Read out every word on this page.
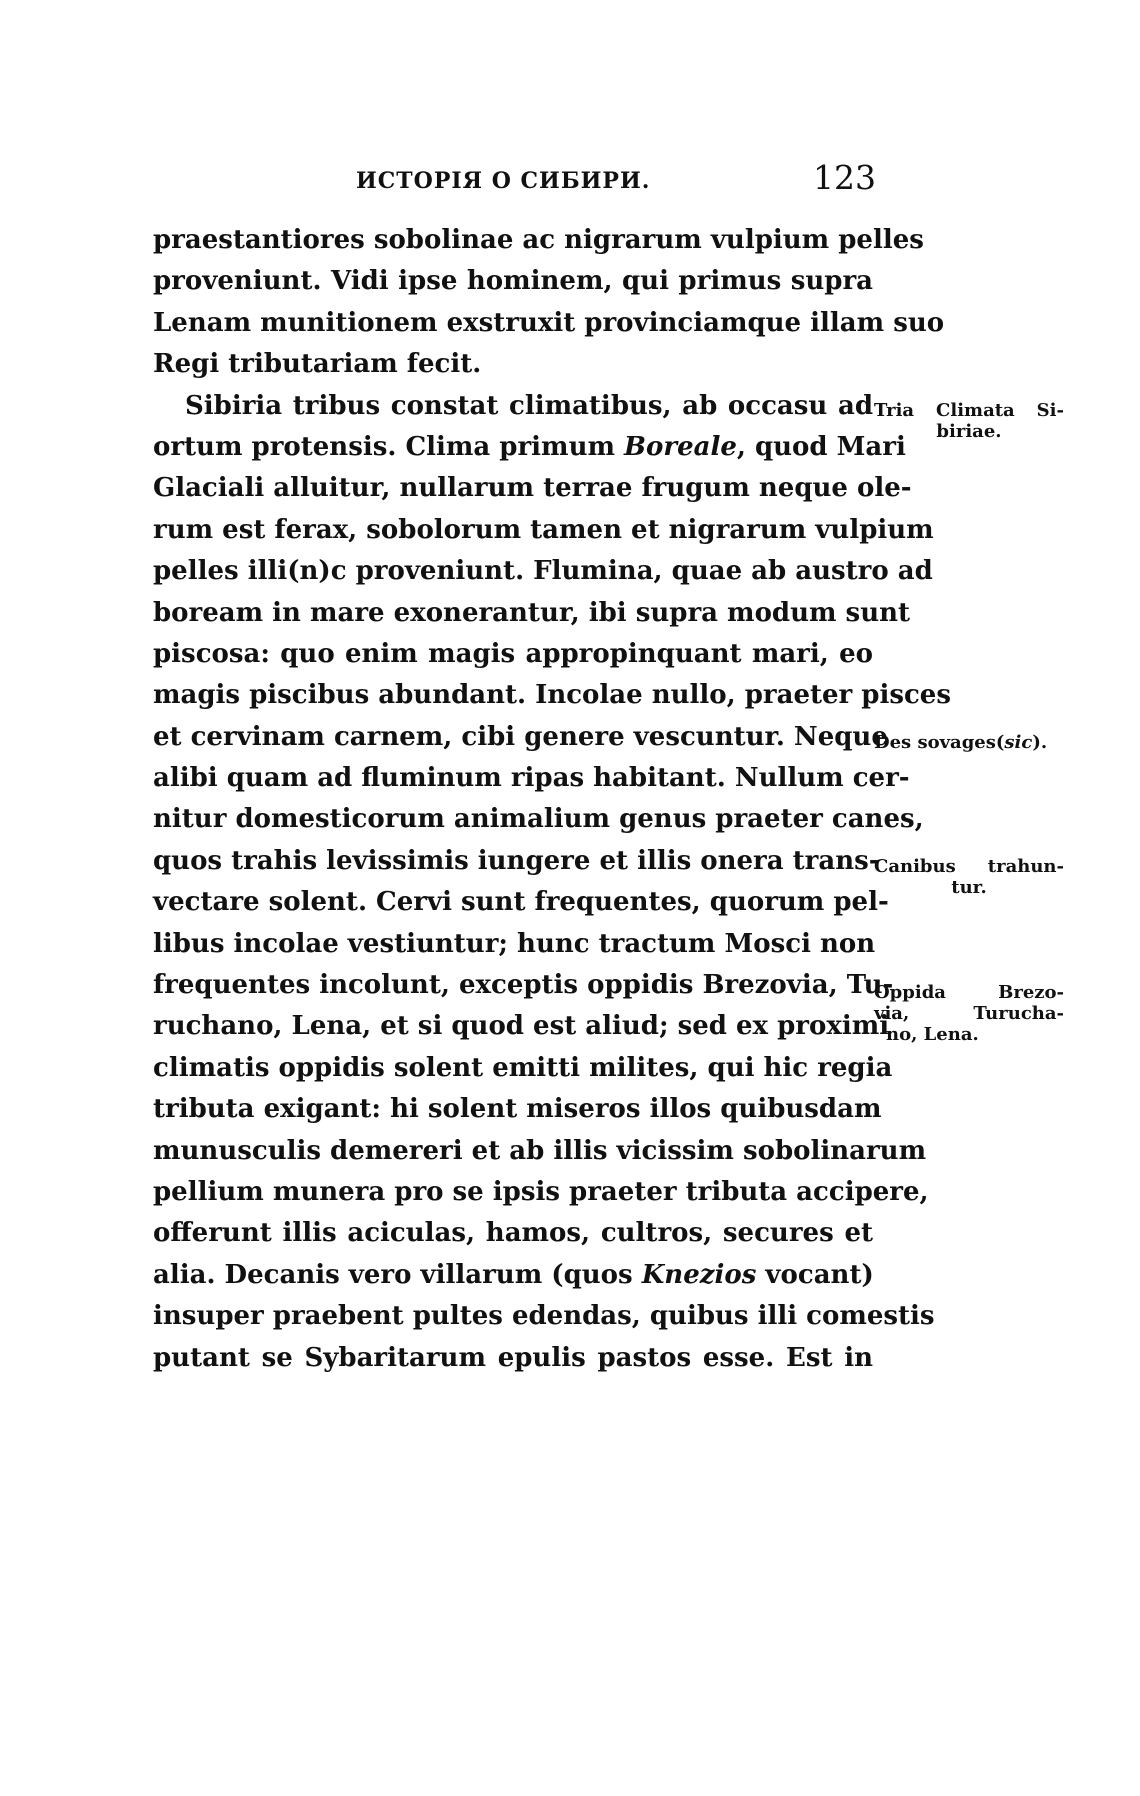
ИСТОРІЯ О СИБИРИ.	123
praestantiores sobolinae ac nigrarum vulpium pelles
proveniunt. Vidi ipse hominem, qui primus supra
Lenam munitionem exstruxit provinciamque illam suo
Regi tributariam fecit.
Sibiria tribus constat climatibus, ab occasu ad
ortum protensis. Clima primum Boreale, quod Mari
Glaciali alluitur, nullarum terrae frugum neque ole-
rum est ferax, sobolorum tamen et nigrarum vulpium
pelles illi(n)c proveniunt. Flumina, quae ab austro ad
boream in mare exonerantur, ibi supra modum sunt
piscosa: quo enim magis appropinquant mari, eo
magis piscibus abundant. Incolae nullo, praeter pisces
et cervinam carnem, cibi genere vescuntur. Neque
alibi quam ad fluminum ripas habitant. Nullum cer-
nitur domesticorum animalium genus praeter canes,
quos trahis levissimis iungere et illis onera trans-
vectare solent. Cervi sunt frequentes, quorum pel-
libus incolae vestiuntur; hunc tractum Mosci non
frequentes incolunt, exceptis oppidis Brezovia, Tu-
ruchano, Lena, et si quod est aliud; sed ex proximi
climatis oppidis solent emitti milites, qui hic regia
tributa exigant: hi solent miseros illos quibusdam
munusculis demereri et ab illis vicissim sobolinarum
pellium munera pro se ipsis praeter tributa accipere,
offerunt illis aciculas, hamos, cultros, secures et
alia. Decanis vero villarum (quos Knezios vocant)
insuper praebent pultes edendas, quibus illi comestis
putant se Sybaritarum epulis pastos esse. Est in
Tria Climata Si-
biriae.
Des sovages(sic).
Canibus trahun-
tur.
Oppida Brezo-
via, Turucha-
no, Lena.
